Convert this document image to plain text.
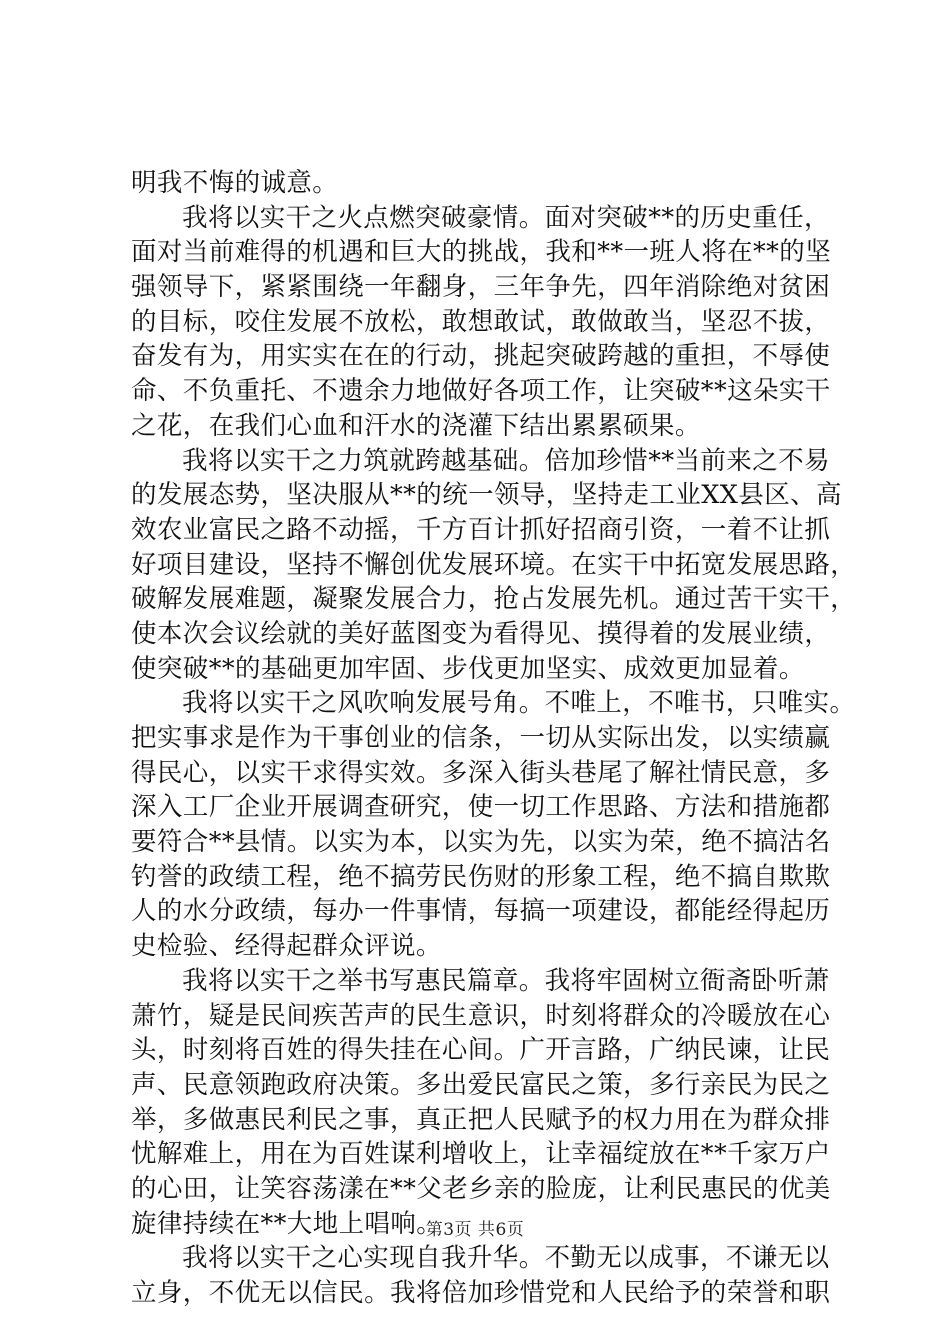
明我不悔的诚意。
我将以实干之火点燃突破豪情。面对突破**的历史重任，
面对当前难得的机遇和巨大的挑战，我和**一班人将在**的坚
强领导下，紧紧围绕一年翻身，三年争先，四年消除绝对贫困
的目标，咬住发展不放松，敢想敢试，敢做敢当，坚忍不拔，
奋发有为，用实实在在的行动，挑起突破跨越的重担，不辱使
命、不负重托、不遗余力地做好各项工作，让突破**这朵实干
之花，在我们心血和汗水的浇灌下结出累累硕果。
我将以实干之力筑就跨越基础。倍加珍惜**当前来之不易
的发展态势，坚决服从**的统一领导，坚持走工业XX县区、高
效农业富民之路不动摇，千方百计抓好招商引资，一着不让抓
好项目建设，坚持不懈创优发展环境。在实干中拓宽发展思路，
破解发展难题，凝聚发展合力，抢占发展先机。通过苦干实干，
使本次会议绘就的美好蓝图变为看得见、摸得着的发展业绩，
使突破**的基础更加牢固、步伐更加坚实、成效更加显着。
我将以实干之风吹响发展号角。不唯上，不唯书，只唯实。
把实事求是作为干事创业的信条，一切从实际出发，以实绩赢
得民心，以实干求得实效。多深入街头巷尾了解社情民意，多
深入工厂企业开展调查研究，使一切工作思路、方法和措施都
要符合**县情。以实为本，以实为先，以实为荣，绝不搞沽名
钓誉的政绩工程，绝不搞劳民伤财的形象工程，绝不搞自欺欺
人的水分政绩，每办一件事情，每搞一项建设，都能经得起历
史检验、经得起群众评说。
我将以实干之举书写惠民篇章。我将牢固树立衙斋卧听萧
萧竹，疑是民间疾苦声的民生意识，时刻将群众的冷暖放在心
头，时刻将百姓的得失挂在心间。广开言路，广纳民谏，让民
声、民意领跑政府决策。多出爱民富民之策，多行亲民为民之
举，多做惠民利民之事，真正把人民赋予的权力用在为群众排
忧解难上，用在为百姓谋利增收上，让幸福绽放在**千家万户
的心田，让笑容荡漾在**父老乡亲的脸庞，让利民惠民的优美
旋律持续在**大地上唱响。
我将以实干之心实现自我升华。不勤无以成事，不谦无以
立身，不优无以信民。我将倍加珍惜党和人民给予的荣誉和职
第3页 共6页
